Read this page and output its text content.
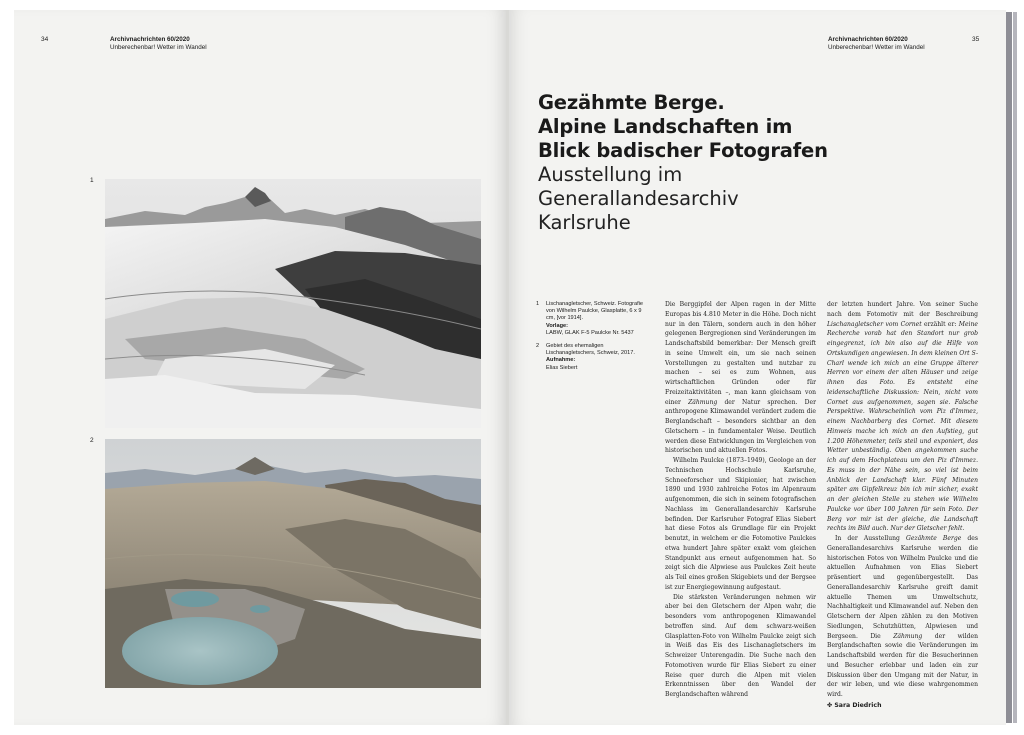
34	Archivnachrichten 60/2020
Unberechenbar! Wetter im Wandel
1
2
Archivnachrichten 60/2020
Unberechenbar! Wetter im Wandel
35
Gezähmte Berge.
Alpine Landschaften im
Blick badischer Fotografen
Ausstellung im
Generallandesarchiv
Karlsruhe
1 Lischanagletscher, Schweiz. Fotografie von Wilhelm Paulcke, Glasplatte, 6 x 9 cm, [vor 1914].
Vorlage:
LABW, GLAK F-5 Paulcke Nr. 5437
2 Gebiet des ehemaligen Lischanagletschers, Schweiz, 2017.
Aufnahme:
Elias Siebert

Die Berggipfel der Alpen ragen in der Mitte Europas bis 4.810 Meter in die Höhe. Doch nicht nur in den Tälern, sondern auch in den höher gelegenen Bergregionen sind Veränderungen im Landschaftsbild bemerkbar: Der Mensch greift in seine Umwelt ein, um sie nach seinen Vorstellungen zu gestalten und nutzbar zu machen – sei es zum Wohnen, aus wirtschaftlichen Gründen oder für Freizeitaktivitäten –, man kann gleichsam von einer Zähmung der Natur sprechen. Der anthropogene Klimawandel verändert zudem die Berglandschaft – besonders sichtbar an den Gletschern – in fundamentaler Weise. Deutlich werden diese Entwicklungen im Vergleichen von historischen und aktuellen Fotos.

Wilhelm Paulcke (1873–1949), Geologe an der Technischen Hochschule Karlsruhe, Schneeforscher und Skipionier, hat zwischen 1890 und 1930 zahlreiche Fotos im Alpenraum aufgenommen, die sich in seinem fotografischen Nachlass im Generallandesarchiv Karlsruhe befinden. Der Karlsruher Fotograf Elias Siebert hat diese Fotos als Grundlage für ein Projekt benutzt, in welchem er die Fotomotive Paulckes etwa hundert Jahre später exakt vom gleichen Standpunkt aus erneut aufgenommen hat. So zeigt sich die Alpwiese aus Paulckes Zeit heute als Teil eines großen Skigebiets und der Bergsee ist zur Energiegewinnung aufgestaut.

Die stärksten Veränderungen nehmen wir aber bei den Gletschern der Alpen wahr, die besonders vom anthropogenen Klimawandel betroffen sind. Auf dem schwarz-weißen Glasplatten-Foto von Wilhelm Paulcke zeigt sich in Weiß das Eis des Lischanagletschers im Schweizer Unterengadin. Die Suche nach den Fotomotiven wurde für Elias Siebert zu einer Reise quer durch die Alpen mit vielen Erkenntnissen über den Wandel der Berglandschaften während

der letzten hundert Jahre. Von seiner Suche nach dem Fotomotiv mit der Beschreibung Lischanagletscher vom Cornet erzählt er: Meine Recherche vorab hat den Standort nur grob eingegrenzt, ich bin also auf die Hilfe von Ortskundigen angewiesen. In dem kleinen Ort S-Charl wende ich mich an eine Gruppe älterer Herren vor einem der alten Häuser und zeige ihnen das Foto. Es entsteht eine leidenschaftliche Diskussion: Nein, nicht vom Cornet aus aufgenommen, sagen sie. Falsche Perspektive. Wahrscheinlich vom Piz d'Immez, einem Nachbarberg des Cornet. Mit diesem Hinweis mache ich mich an den Aufstieg, gut 1.200 Höhenmeter, teils steil und exponiert, das Wetter unbeständig. Oben angekommen suche ich auf dem Hochplateau um den Piz d'Immez. Es muss in der Nähe sein, so viel ist beim Anblick der Landschaft klar. Fünf Minuten später am Gipfelkreuz bin ich mir sicher, exakt an der gleichen Stelle zu stehen wie Wilhelm Paulcke vor über 100 Jahren für sein Foto. Der Berg vor mir ist der gleiche, die Landschaft rechts im Bild auch. Nur der Gletscher fehlt.

In der Ausstellung Gezähmte Berge des Generallandesarchivs Karlsruhe werden die historischen Fotos von Wilhelm Paulcke und die aktuellen Aufnahmen von Elias Siebert präsentiert und gegenübergestellt. Das Generallandesarchiv Karlsruhe greift damit aktuelle Themen um Umweltschutz, Nachhaltigkeit und Klimawandel auf. Neben den Gletschern der Alpen zählen zu den Motiven Siedlungen, Schutzhütten, Alpwiesen und Bergseen. Die Zähmung der wilden Berglandschaften sowie die Veränderungen im Landschaftsbild werden für die Besucherinnen und Besucher erlebbar und laden ein zur Diskussion über den Umgang mit der Natur, in der wir leben, und wie diese wahrgenommen wird.

✤ Sara Diedrich
